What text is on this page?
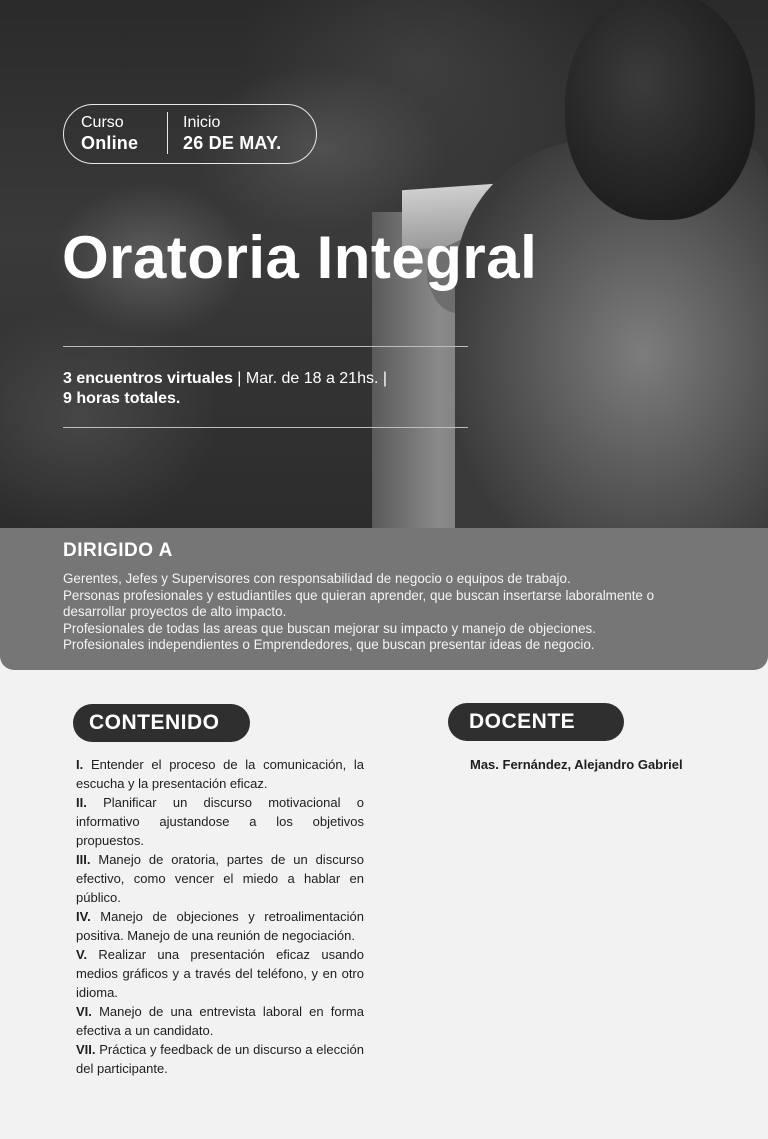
Curso
Online
Inicio
26 DE MAY.
Oratoria Integral
3 encuentros virtuales | Mar. de 18 a 21hs. |
9 horas totales.
DIRIGIDO A
Gerentes, Jefes y Supervisores con responsabilidad de negocio o equipos de trabajo.
Personas profesionales y estudiantiles que quieran aprender, que buscan insertarse laboralmente o
desarrollar proyectos de alto impacto.
Profesionales de todas las areas que buscan mejorar su impacto y manejo de objeciones.
Profesionales independientes o Emprendedores, que buscan presentar ideas de negocio.
CONTENIDO	DOCENTE
I. Entender el proceso de la comunicación, la escucha y la presentación eficaz.
II. Planificar un discurso motivacional o informativo ajustandose a los objetivos propuestos.
III. Manejo de oratoria, partes de un discurso efectivo, como vencer el miedo a hablar en público.
IV. Manejo de objeciones y retroalimentación positiva. Manejo de una reunión de negociación.
V. Realizar una presentación eficaz usando medios gráficos y a través del teléfono, y en otro idioma.
VI. Manejo de una entrevista laboral en forma efectiva a un candidato.
VII. Práctica y feedback de un discurso a elección del participante.
Mas. Fernández, Alejandro Gabriel
